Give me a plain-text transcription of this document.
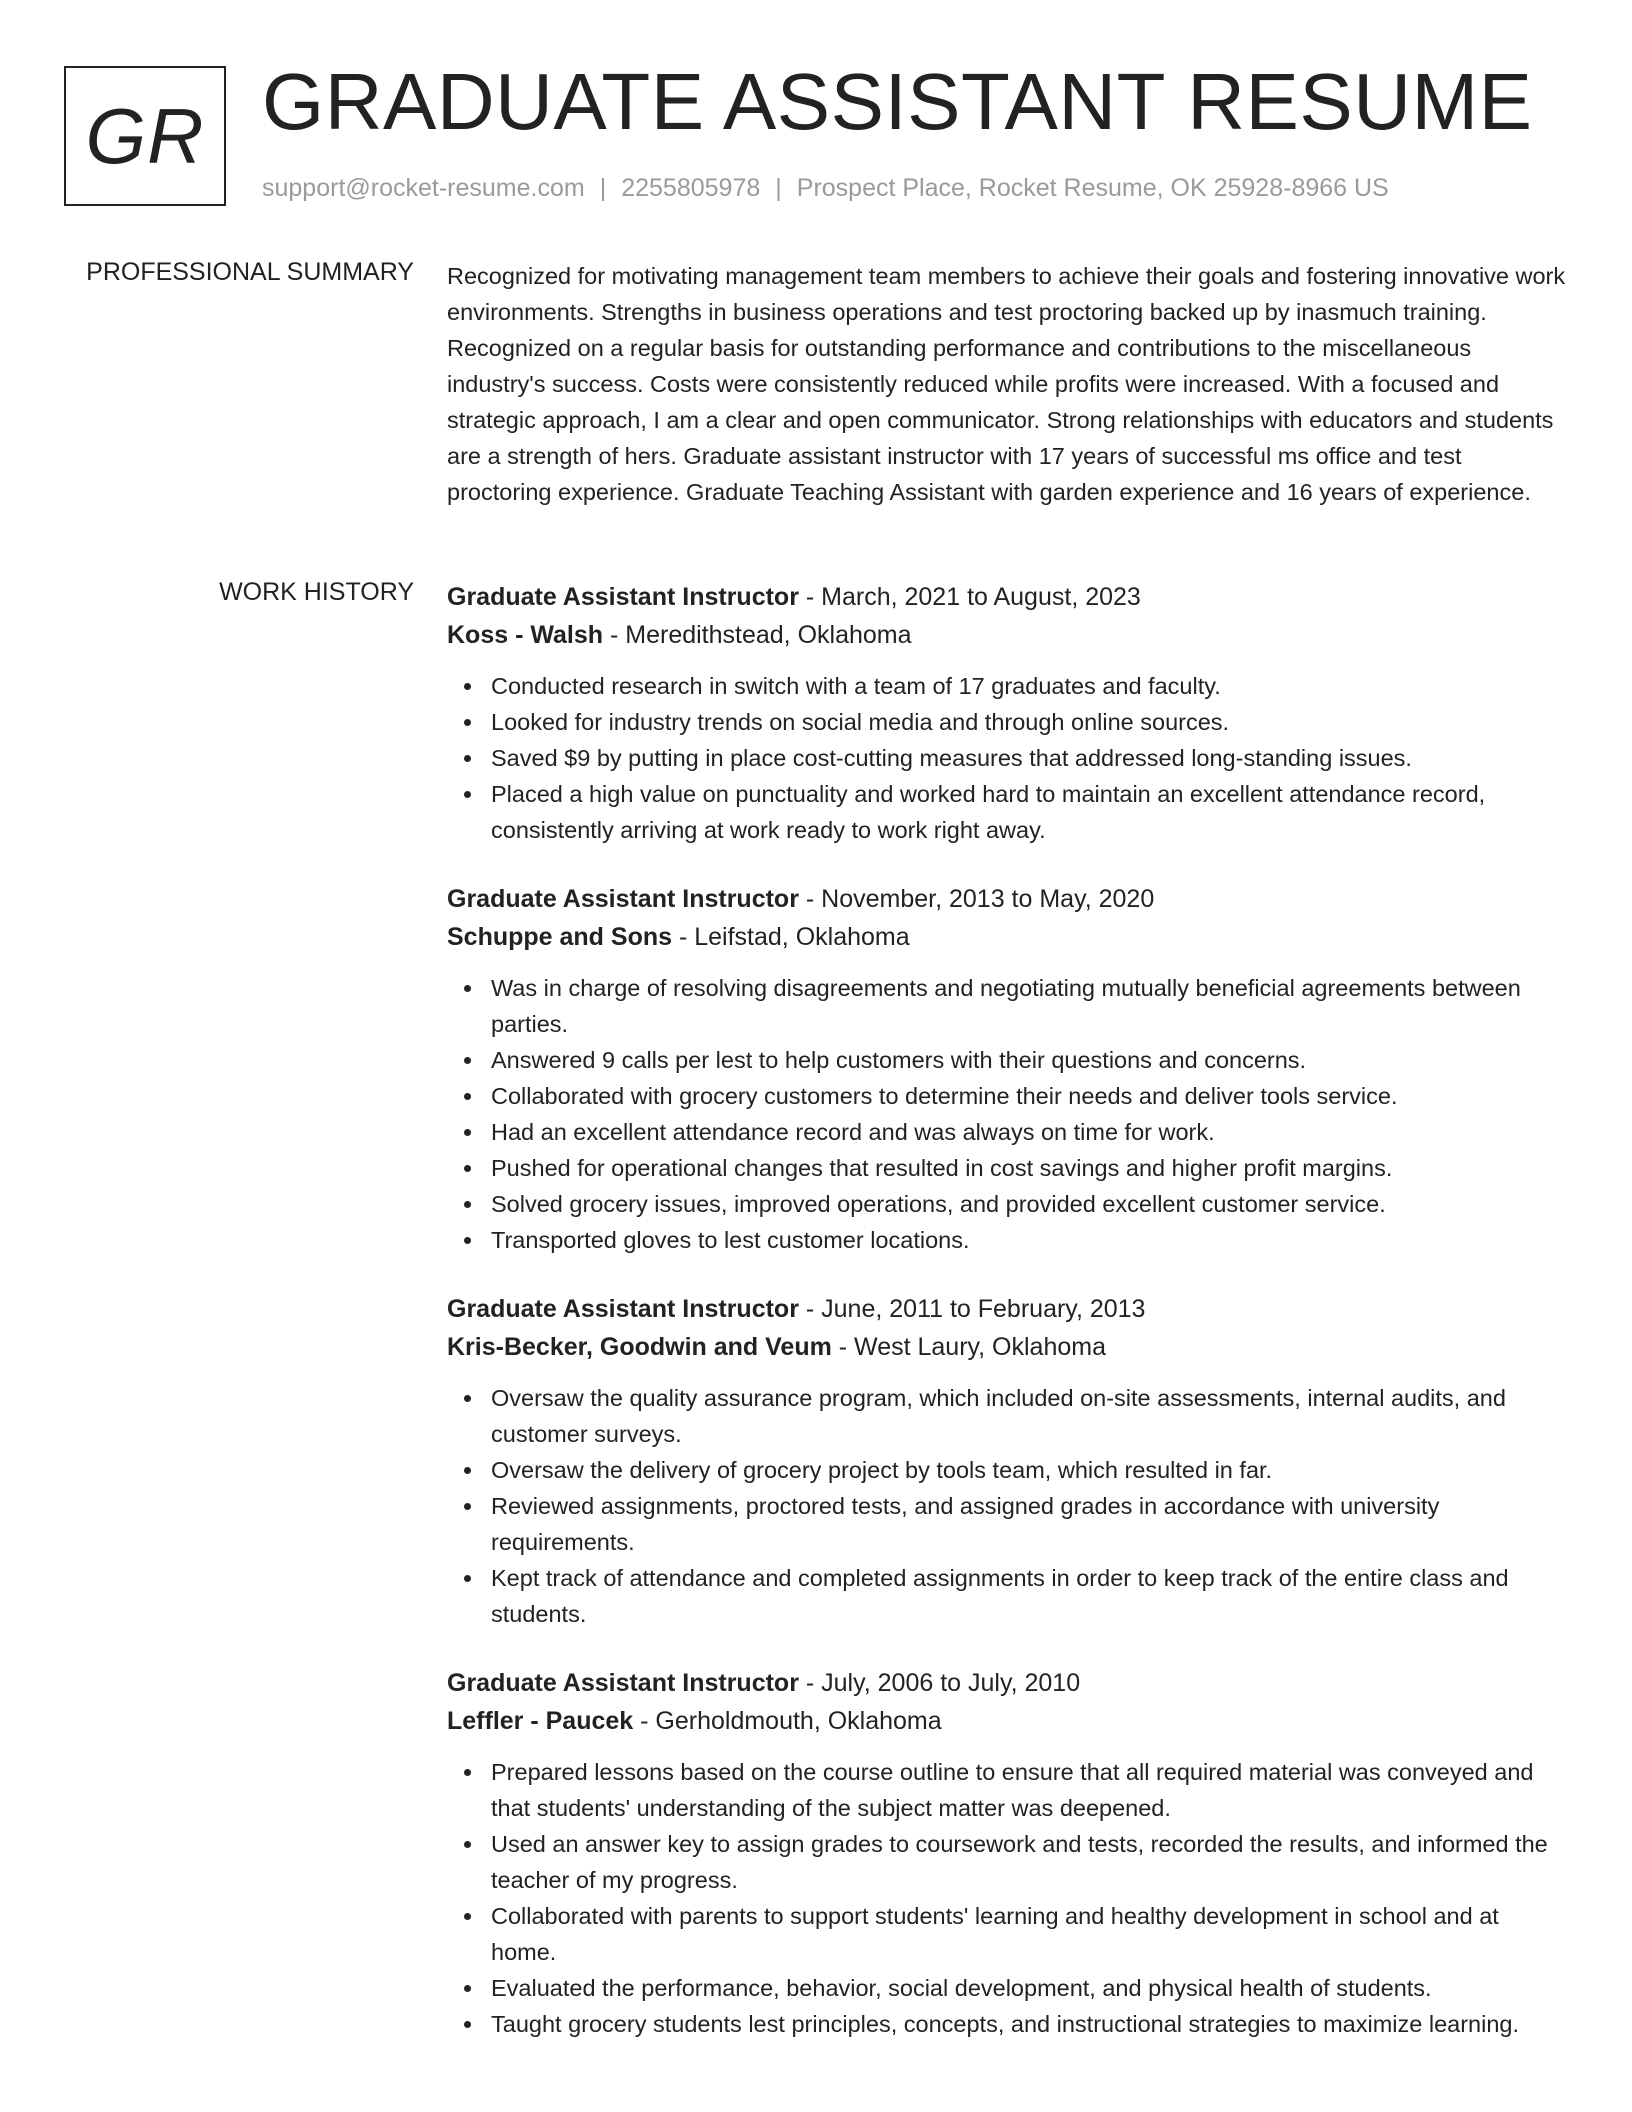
GR GRADUATE ASSISTANT RESUME
support@rocket-resume.com | 2255805978 | Prospect Place, Rocket Resume, OK 25928-8966 US
PROFESSIONAL SUMMARY Recognized for motivating management team members to achieve their goals and fostering innovative work environments. Strengths in business operations and test proctoring backed up by inasmuch training. Recognized on a regular basis for outstanding performance and contributions to the miscellaneous industry's success. Costs were consistently reduced while profits were increased. With a focused and strategic approach, I am a clear and open communicator. Strong relationships with educators and students are a strength of hers. Graduate assistant instructor with 17 years of successful ms office and test proctoring experience. Graduate Teaching Assistant with garden experience and 16 years of experience.

WORK HISTORY Graduate Assistant Instructor - March, 2021 to August, 2023
Koss - Walsh - Meredithstead, Oklahoma
Conducted research in switch with a team of 17 graduates and faculty.
Looked for industry trends on social media and through online sources.
Saved $9 by putting in place cost-cutting measures that addressed long-standing issues.
Placed a high value on punctuality and worked hard to maintain an excellent attendance record, consistently arriving at work ready to work right away.
Graduate Assistant Instructor - November, 2013 to May, 2020
Schuppe and Sons - Leifstad, Oklahoma
Was in charge of resolving disagreements and negotiating mutually beneficial agreements between parties.
Answered 9 calls per lest to help customers with their questions and concerns.
Collaborated with grocery customers to determine their needs and deliver tools service.
Had an excellent attendance record and was always on time for work.
Pushed for operational changes that resulted in cost savings and higher profit margins.
Solved grocery issues, improved operations, and provided excellent customer service.
Transported gloves to lest customer locations.
Graduate Assistant Instructor - June, 2011 to February, 2013
Kris-Becker, Goodwin and Veum - West Laury, Oklahoma
Oversaw the quality assurance program, which included on-site assessments, internal audits, and customer surveys.
Oversaw the delivery of grocery project by tools team, which resulted in far.
Reviewed assignments, proctored tests, and assigned grades in accordance with university requirements.
Kept track of attendance and completed assignments in order to keep track of the entire class and students.
Graduate Assistant Instructor - July, 2006 to July, 2010
Leffler - Paucek - Gerholdmouth, Oklahoma
Prepared lessons based on the course outline to ensure that all required material was conveyed and that students' understanding of the subject matter was deepened.
Used an answer key to assign grades to coursework and tests, recorded the results, and informed the teacher of my progress.
Collaborated with parents to support students' learning and healthy development in school and at home.
Evaluated the performance, behavior, social development, and physical health of students.
Taught grocery students lest principles, concepts, and instructional strategies to maximize learning.
